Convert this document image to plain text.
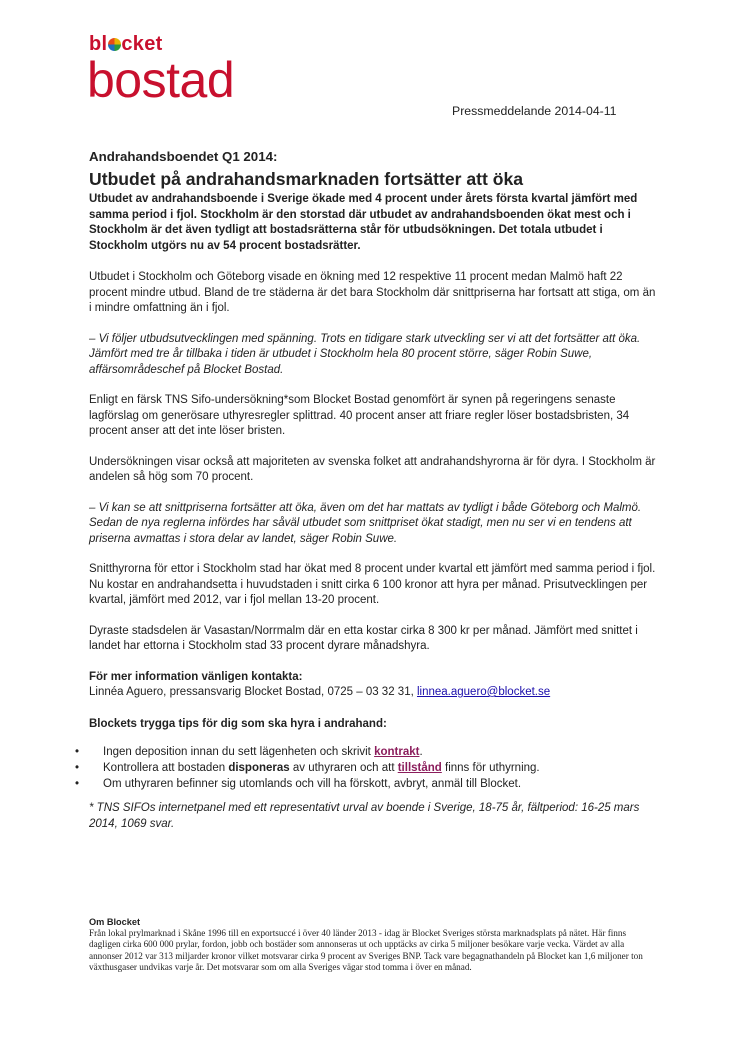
bl cket
bostad
Pressmeddelande 2014-04-11
Andrahandsboendet Q1 2014:
Utbudet på andrahandsmarknaden fortsätter att öka
Utbudet av andrahandsboende i Sverige ökade med 4 procent under årets första kvartal jämfört med samma period i fjol. Stockholm är den storstad där utbudet av andrahandsboenden ökat mest och i Stockholm är det även tydligt att bostadsrätterna står för utbudsökningen. Det totala utbudet i Stockholm utgörs nu av 54 procent bostadsrätter.

Utbudet i Stockholm och Göteborg visade en ökning med 12 respektive 11 procent medan Malmö haft 22 procent mindre utbud. Bland de tre städerna är det bara Stockholm där snittpriserna har fortsatt att stiga, om än i mindre omfattning än i fjol.

– Vi följer utbudsutvecklingen med spänning. Trots en tidigare stark utveckling ser vi att det fortsätter att öka. Jämfört med tre år tillbaka i tiden är utbudet i Stockholm hela 80 procent större, säger Robin Suwe, affärsområdeschef på Blocket Bostad.

Enligt en färsk TNS Sifo-undersökning*som Blocket Bostad genomfört är synen på regeringens senaste lagförslag om generösare uthyresregler splittrad. 40 procent anser att friare regler löser bostadsbristen, 34 procent anser att det inte löser bristen.

Undersökningen visar också att majoriteten av svenska folket att andrahandshyrorna är för dyra. I Stockholm är andelen så hög som 70 procent.

– Vi kan se att snittpriserna fortsätter att öka, även om det har mattats av tydligt i både Göteborg och Malmö. Sedan de nya reglerna infördes har såväl utbudet som snittpriset ökat stadigt, men nu ser vi en tendens att priserna avmattas i stora delar av landet, säger Robin Suwe.

Snitthyrorna för ettor i Stockholm stad har ökat med 8 procent under kvartal ett jämfört med samma period i fjol. Nu kostar en andrahandsetta i huvudstaden i snitt cirka 6 100 kronor att hyra per månad. Prisutvecklingen per kvartal, jämfört med 2012, var i fjol mellan 13-20 procent.

Dyraste stadsdelen är Vasastan/Norrmalm där en etta kostar cirka 8 300 kr per månad. Jämfört med snittet i landet har ettorna i Stockholm stad 33 procent dyrare månadshyra.

För mer information vänligen kontakta:
Linnéa Aguero, pressansvarig Blocket Bostad, 0725 – 03 32 31, linnea.aguero@blocket.se
Blockets trygga tips för dig som ska hyra i andrahand:
• Ingen deposition innan du sett lägenheten och skrivit kontrakt.
• Kontrollera att bostaden disponeras av uthyraren och att tillstånd finns för uthyrning.
• Om uthyraren befinner sig utomlands och vill ha förskott, avbryt, anmäl till Blocket.
* TNS SIFOs internetpanel med ett representativt urval av boende i Sverige, 18-75 år, fältperiod: 16-25 mars 2014, 1069 svar.
Om Blocket
Från lokal prylmarknad i Skåne 1996 till en exportsuccé i över 40 länder 2013 - idag är Blocket Sveriges största marknadsplats på nätet. Här finns dagligen cirka 600 000 prylar, fordon, jobb och bostäder som annonseras ut och upptäcks av cirka 5 miljoner besökare varje vecka. Värdet av alla annonser 2012 var 313 miljarder kronor vilket motsvarar cirka 9 procent av Sveriges BNP. Tack vare begagnathandeln på Blocket kan 1,6 miljoner ton växthusgaser undvikas varje år. Det motsvarar som om alla Sveriges vägar stod tomma i över en månad.
